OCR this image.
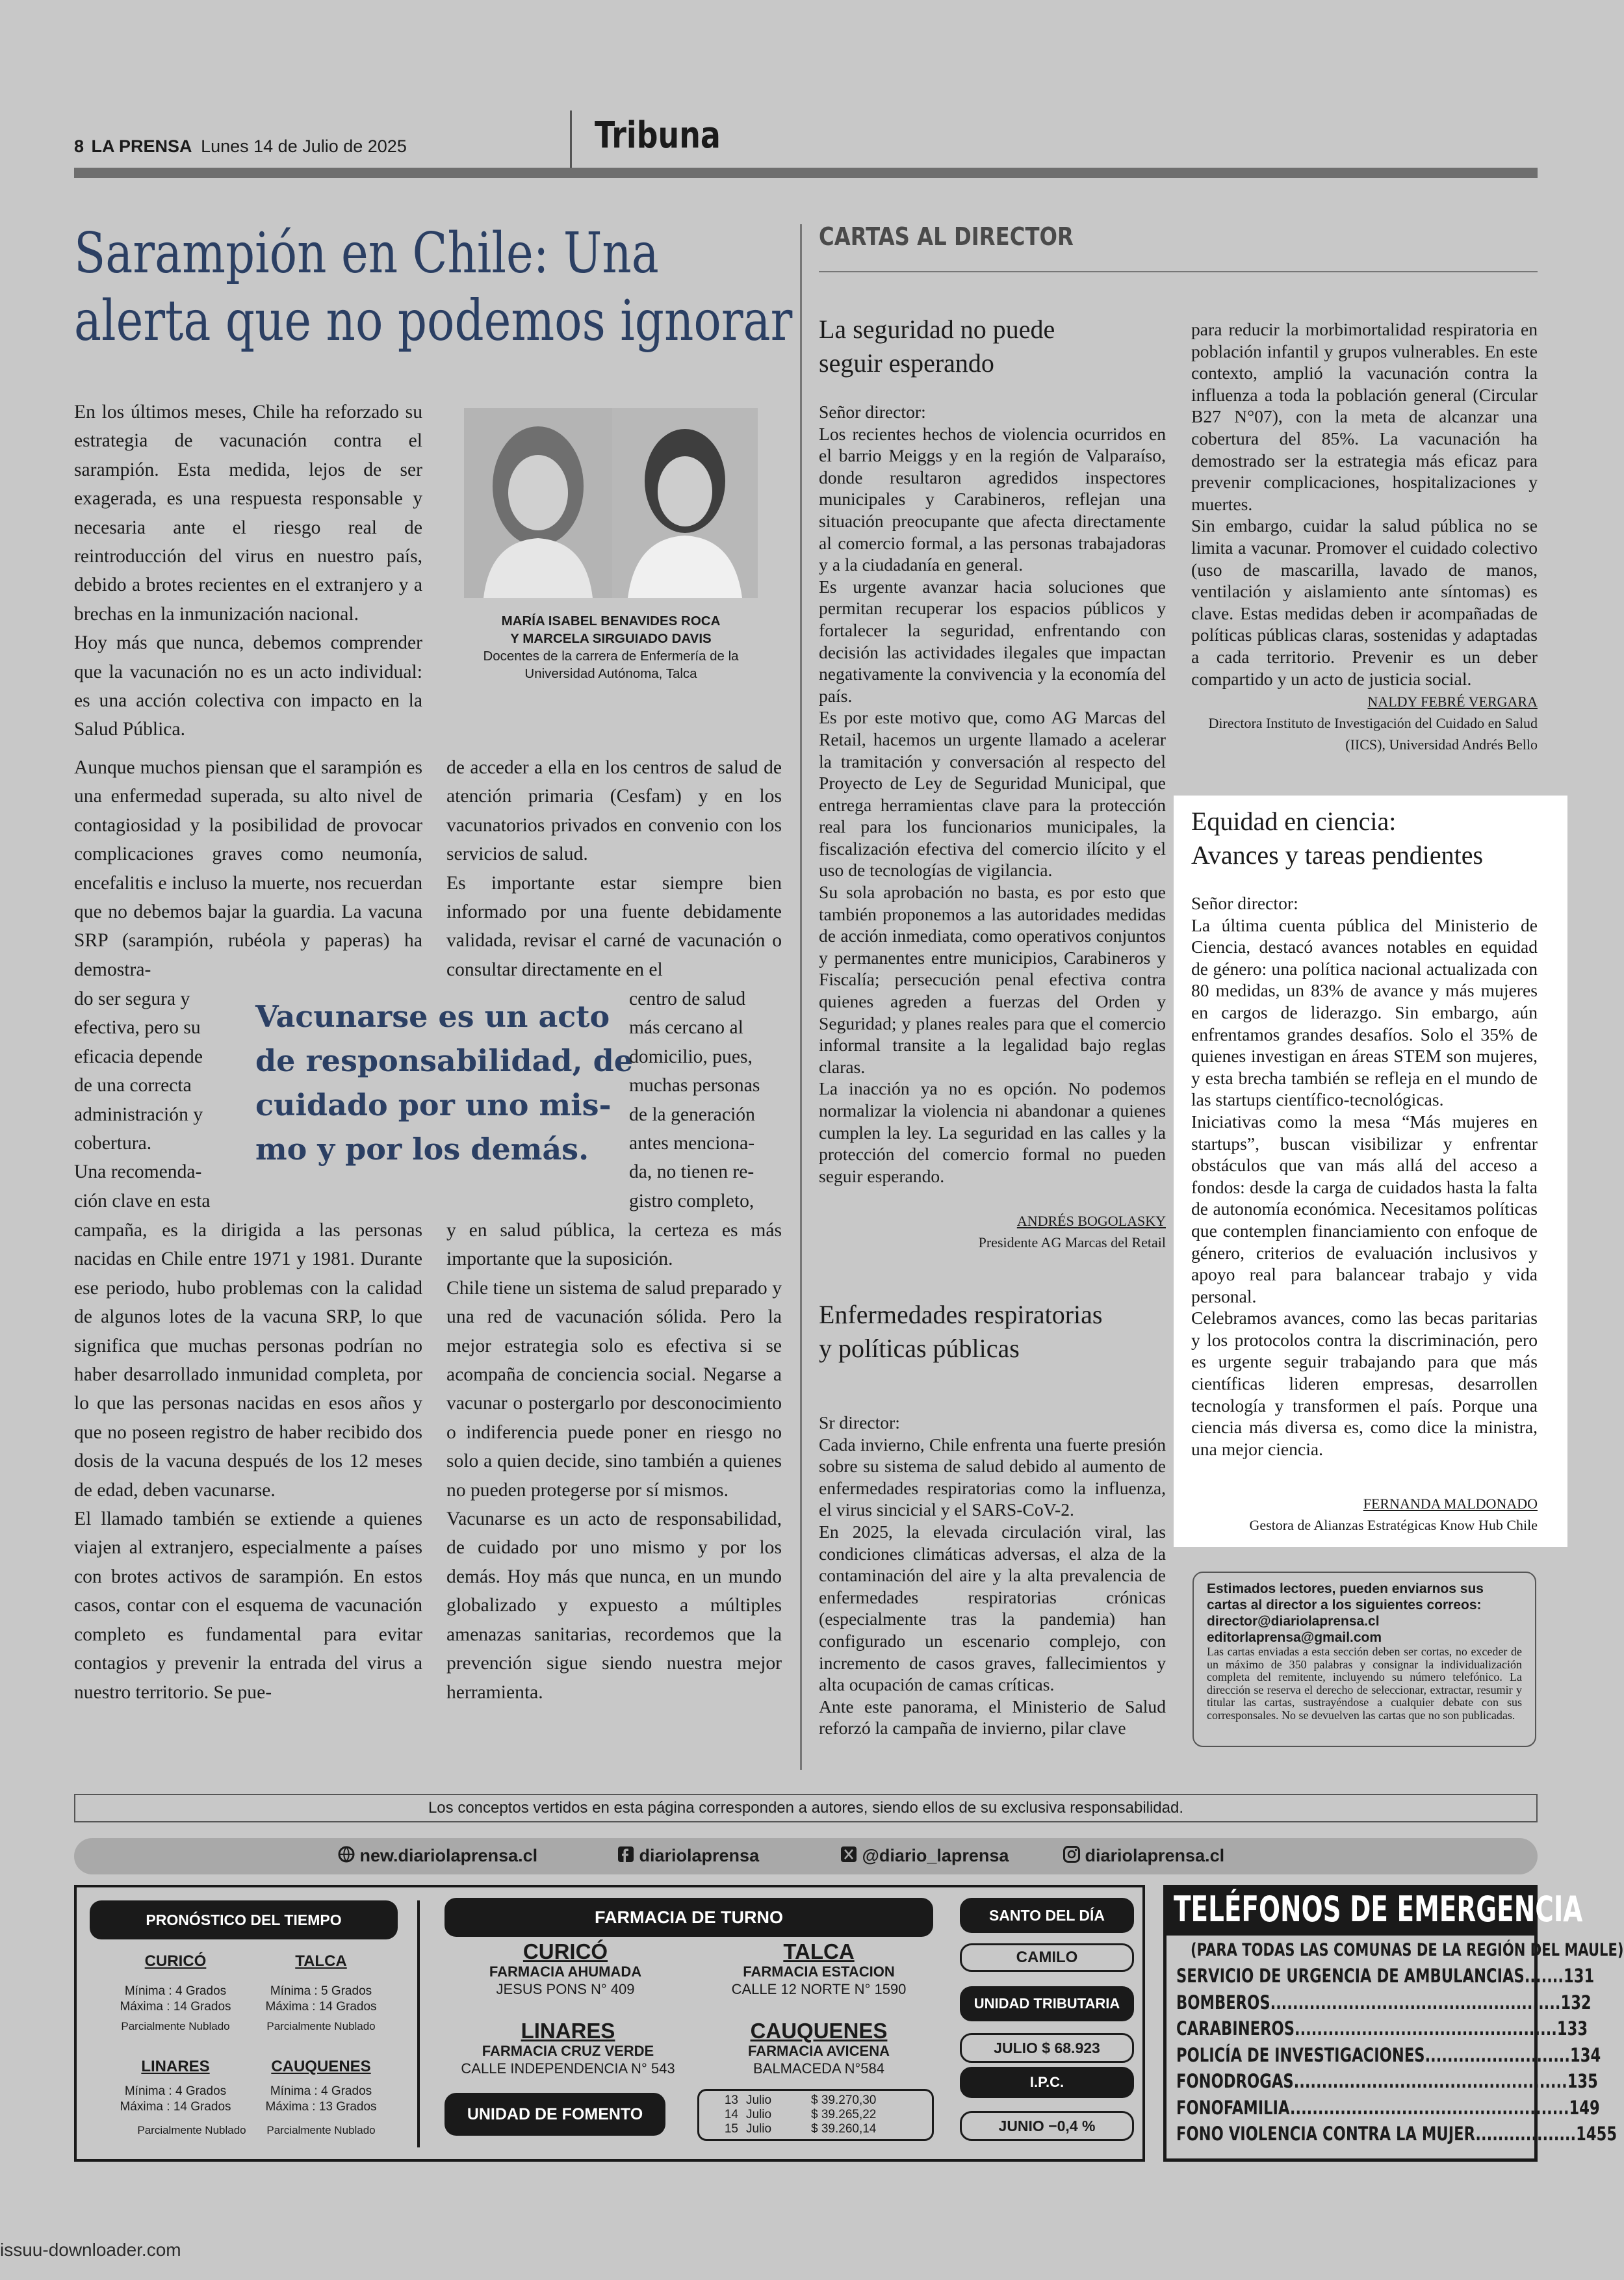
8 LA PRENSA Lunes 14 de Julio de 2025	Tribuna
Sarampión en Chile: Una
alerta que no podemos ignorar

En los últimos meses, Chile ha reforzado su estrategia de vacunación contra el sarampión. Esta medida, lejos de ser exagerada, es una respuesta responsable y necesaria ante el riesgo real de reintroducción del virus en nuestro país, debido a brotes recientes en el extranjero y a brechas en la inmunización nacional.

Hoy más que nunca, debemos comprender que la vacunación no es un acto individual: es una acción colectiva con impacto en la Salud Pública.

MARÍA ISABEL BENAVIDES ROCA
Y MARCELA SIRGUIADO DAVIS
Docentes de la carrera de Enfermería de la
Universidad Autónoma, Talca

Aunque muchos piensan que el sarampión es una enfermedad superada, su alto nivel de contagiosidad y la posibilidad de provocar complicaciones graves como neumonía, encefalitis e incluso la muerte, nos recuerdan que no debemos bajar la guardia. La vacuna SRP (sarampión, rubéola y paperas) ha demostra-

de acceder a ella en los centros de salud de atención primaria (Cesfam) y en los vacunatorios privados en convenio con los servicios de salud.

Es importante estar siempre bien informado por una fuente debidamente validada, revisar el carné de vacunación o consultar directamente en el

do ser segura y
efectiva, pero su
eficacia depende
de una correcta
administración y
cobertura.
Una recomenda-
ción clave en esta
Vacunarse es un acto
de responsabilidad, de
cuidado por uno mis-
mo y por los demás.
centro de salud
más cercano al
domicilio, pues,
muchas personas
de la generación
antes menciona-
da, no tienen re-
gistro completo,

campaña, es la dirigida a las personas nacidas en Chile entre 1971 y 1981. Durante ese periodo, hubo problemas con la calidad de algunos lotes de la vacuna SRP, lo que significa que muchas personas podrían no haber desarrollado inmunidad completa, por lo que las personas nacidas en esos años y que no poseen registro de haber recibido dos dosis de la vacuna después de los 12 meses de edad, deben vacunarse.

El llamado también se extiende a quienes viajen al extranjero, especialmente a países con brotes activos de sarampión. En estos casos, contar con el esquema de vacunación completo es fundamental para evitar contagios y prevenir la entrada del virus a nuestro territorio. Se pue-

y en salud pública, la certeza es más importante que la suposición.

Chile tiene un sistema de salud preparado y una red de vacunación sólida. Pero la mejor estrategia solo es efectiva si se acompaña de conciencia social. Negarse a vacunar o postergarlo por desconocimiento o indiferencia puede poner en riesgo no solo a quien decide, sino también a quienes no pueden protegerse por sí mismos.

Vacunarse es un acto de responsabilidad, de cuidado por uno mismo y por los demás. Hoy más que nunca, en un mundo globalizado y expuesto a múltiples amenazas sanitarias, recordemos que la prevención sigue siendo nuestra mejor herramienta.

CARTAS AL DIRECTOR
La seguridad no puede
seguir esperando

Señor director:

Los recientes hechos de violencia ocurridos en el barrio Meiggs y en la región de Valparaíso, donde resultaron agredidos inspectores municipales y Carabineros, reflejan una situación preocupante que afecta directamente al comercio formal, a las personas trabajadoras y a la ciudadanía en general.

Es urgente avanzar hacia soluciones que permitan recuperar los espacios públicos y fortalecer la seguridad, enfrentando con decisión las actividades ilegales que impactan negativamente la convivencia y la economía del país.

Es por este motivo que, como AG Marcas del Retail, hacemos un urgente llamado a acelerar la tramitación y conversación al respecto del Proyecto de Ley de Seguridad Municipal, que entrega herramientas clave para la protección real para los funcionarios municipales, la fiscalización efectiva del comercio ilícito y el uso de tecnologías de vigilancia.

Su sola aprobación no basta, es por esto que también proponemos a las autoridades medidas de acción inmediata, como operativos conjuntos y permanentes entre municipios, Carabineros y Fiscalía; persecución penal efectiva contra quienes agreden a fuerzas del Orden y Seguridad; y planes reales para que el comercio informal transite a la legalidad bajo reglas claras.

La inacción ya no es opción. No podemos normalizar la violencia ni abandonar a quienes cumplen la ley. La seguridad en las calles y la protección del comercio formal no pueden seguir esperando.

ANDRÉS BOGOLASKY
Presidente AG Marcas del Retail
Enfermedades respiratorias
y políticas públicas

Sr director:

Cada invierno, Chile enfrenta una fuerte presión sobre su sistema de salud debido al aumento de enfermedades respiratorias como la influenza, el virus sincicial y el SARS-CoV-2.

En 2025, la elevada circulación viral, las condiciones climáticas adversas, el alza de la contaminación del aire y la alta prevalencia de enfermedades respiratorias crónicas (especialmente tras la pandemia) han configurado un escenario complejo, con incremento de casos graves, fallecimientos y alta ocupación de camas críticas.

Ante este panorama, el Ministerio de Salud reforzó la campaña de invierno, pilar clave

para reducir la morbimortalidad respiratoria en población infantil y grupos vulnerables. En este contexto, amplió la vacunación contra la influenza a toda la población general (Circular B27 N°07), con la meta de alcanzar una cobertura del 85%. La vacunación ha demostrado ser la estrategia más eficaz para prevenir complicaciones, hospitalizaciones y muertes.

Sin embargo, cuidar la salud pública no se limita a vacunar. Promover el cuidado colectivo (uso de mascarilla, lavado de manos, ventilación y aislamiento ante síntomas) es clave. Estas medidas deben ir acompañadas de políticas públicas claras, sostenidas y adaptadas a cada territorio. Prevenir es un deber compartido y un acto de justicia social.

NALDY FEBRÉ VERGARA
Directora Instituto de Investigación del Cuidado en Salud
(IICS), Universidad Andrés Bello
Equidad en ciencia:
Avances y tareas pendientes

Señor director:

La última cuenta pública del Ministerio de Ciencia, destacó avances notables en equidad de género: una política nacional actualizada con 80 medidas, un 83% de avance y más mujeres en cargos de liderazgo. Sin embargo, aún enfrentamos grandes desafíos. Solo el 35% de quienes investigan en áreas STEM son mujeres, y esta brecha también se refleja en el mundo de las startups científico-tecnológicas.

Iniciativas como la mesa “Más mujeres en startups”, buscan visibilizar y enfrentar obstáculos que van más allá del acceso a fondos: desde la carga de cuidados hasta la falta de autonomía económica. Necesitamos políticas que contemplen financiamiento con enfoque de género, criterios de evaluación inclusivos y apoyo real para balancear trabajo y vida personal.

Celebramos avances, como las becas paritarias y los protocolos contra la discriminación, pero es urgente seguir trabajando para que más científicas lideren empresas, desarrollen tecnología y transformen el país. Porque una ciencia más diversa es, como dice la ministra, una mejor ciencia.

FERNANDA MALDONADO
Gestora de Alianzas Estratégicas Know Hub Chile
Estimados lectores, pueden enviarnos sus cartas al director a los siguientes correos:
director@diariolaprensa.cl
editorlaprensa@gmail.com
Las cartas enviadas a esta sección deben ser cortas, no exceder de un máximo de 350 palabras y consignar la individualización completa del remitente, incluyendo su número telefónico. La dirección se reserva el derecho de seleccionar, extractar, resumir y titular las cartas, sustrayéndose a cualquier debate con sus corresponsales. No se devuelven las cartas que no son publicadas.
Los conceptos vertidos en esta página corresponden a autores, siendo ellos de su exclusiva responsabilidad.
new.diariolaprensa.cl	diariolaprensa	@diario_laprensa	diariolaprensa.cl
PRONÓSTICO DEL TIEMPO
CURICÓ
Mínima : 4 Grados
Máxima : 14 Grados
Parcialmente Nublado
TALCA
Mínima : 5 Grados
Máxima : 14 Grados
Parcialmente Nublado
LINARES
Mínima : 4 Grados
Máxima : 14 Grados
Parcialmente Nublado
CAUQUENES
Mínima : 4 Grados
Máxima : 13 Grados
Parcialmente Nublado
FARMACIA DE TURNO
CURICÓ
FARMACIA AHUMADA
JESUS PONS N° 409
TALCA
FARMACIA ESTACION
CALLE 12 NORTE N° 1590
LINARES
FARMACIA CRUZ VERDE
CALLE INDEPENDENCIA N° 543
CAUQUENES
FARMACIA AVICENA
BALMACEDA N°584
UNIDAD DE FOMENTO
13 Julio	$ 39.270,30
14 Julio	$ 39.265,22
15 Julio	$ 39.260,14
SANTO DEL DÍA
CAMILO
UNIDAD TRIBUTARIA
JULIO $ 68.923
I.P.C.
JUNIO −0,4 %
TELÉFONOS DE EMERGENCIA
(PARA TODAS LAS COMUNAS DE LA REGIÓN DEL MAULE)
SERVICIO DE URGENCIA DE AMBULANCIAS.......131
BOMBEROS....................................................132
CARABINEROS...............................................133
POLICÍA DE INVESTIGACIONES..........................134
FONODROGAS.................................................135
FONOFAMILIA..................................................149
FONO VIOLENCIA CONTRA LA MUJER..................1455
issuu-downloader.com
